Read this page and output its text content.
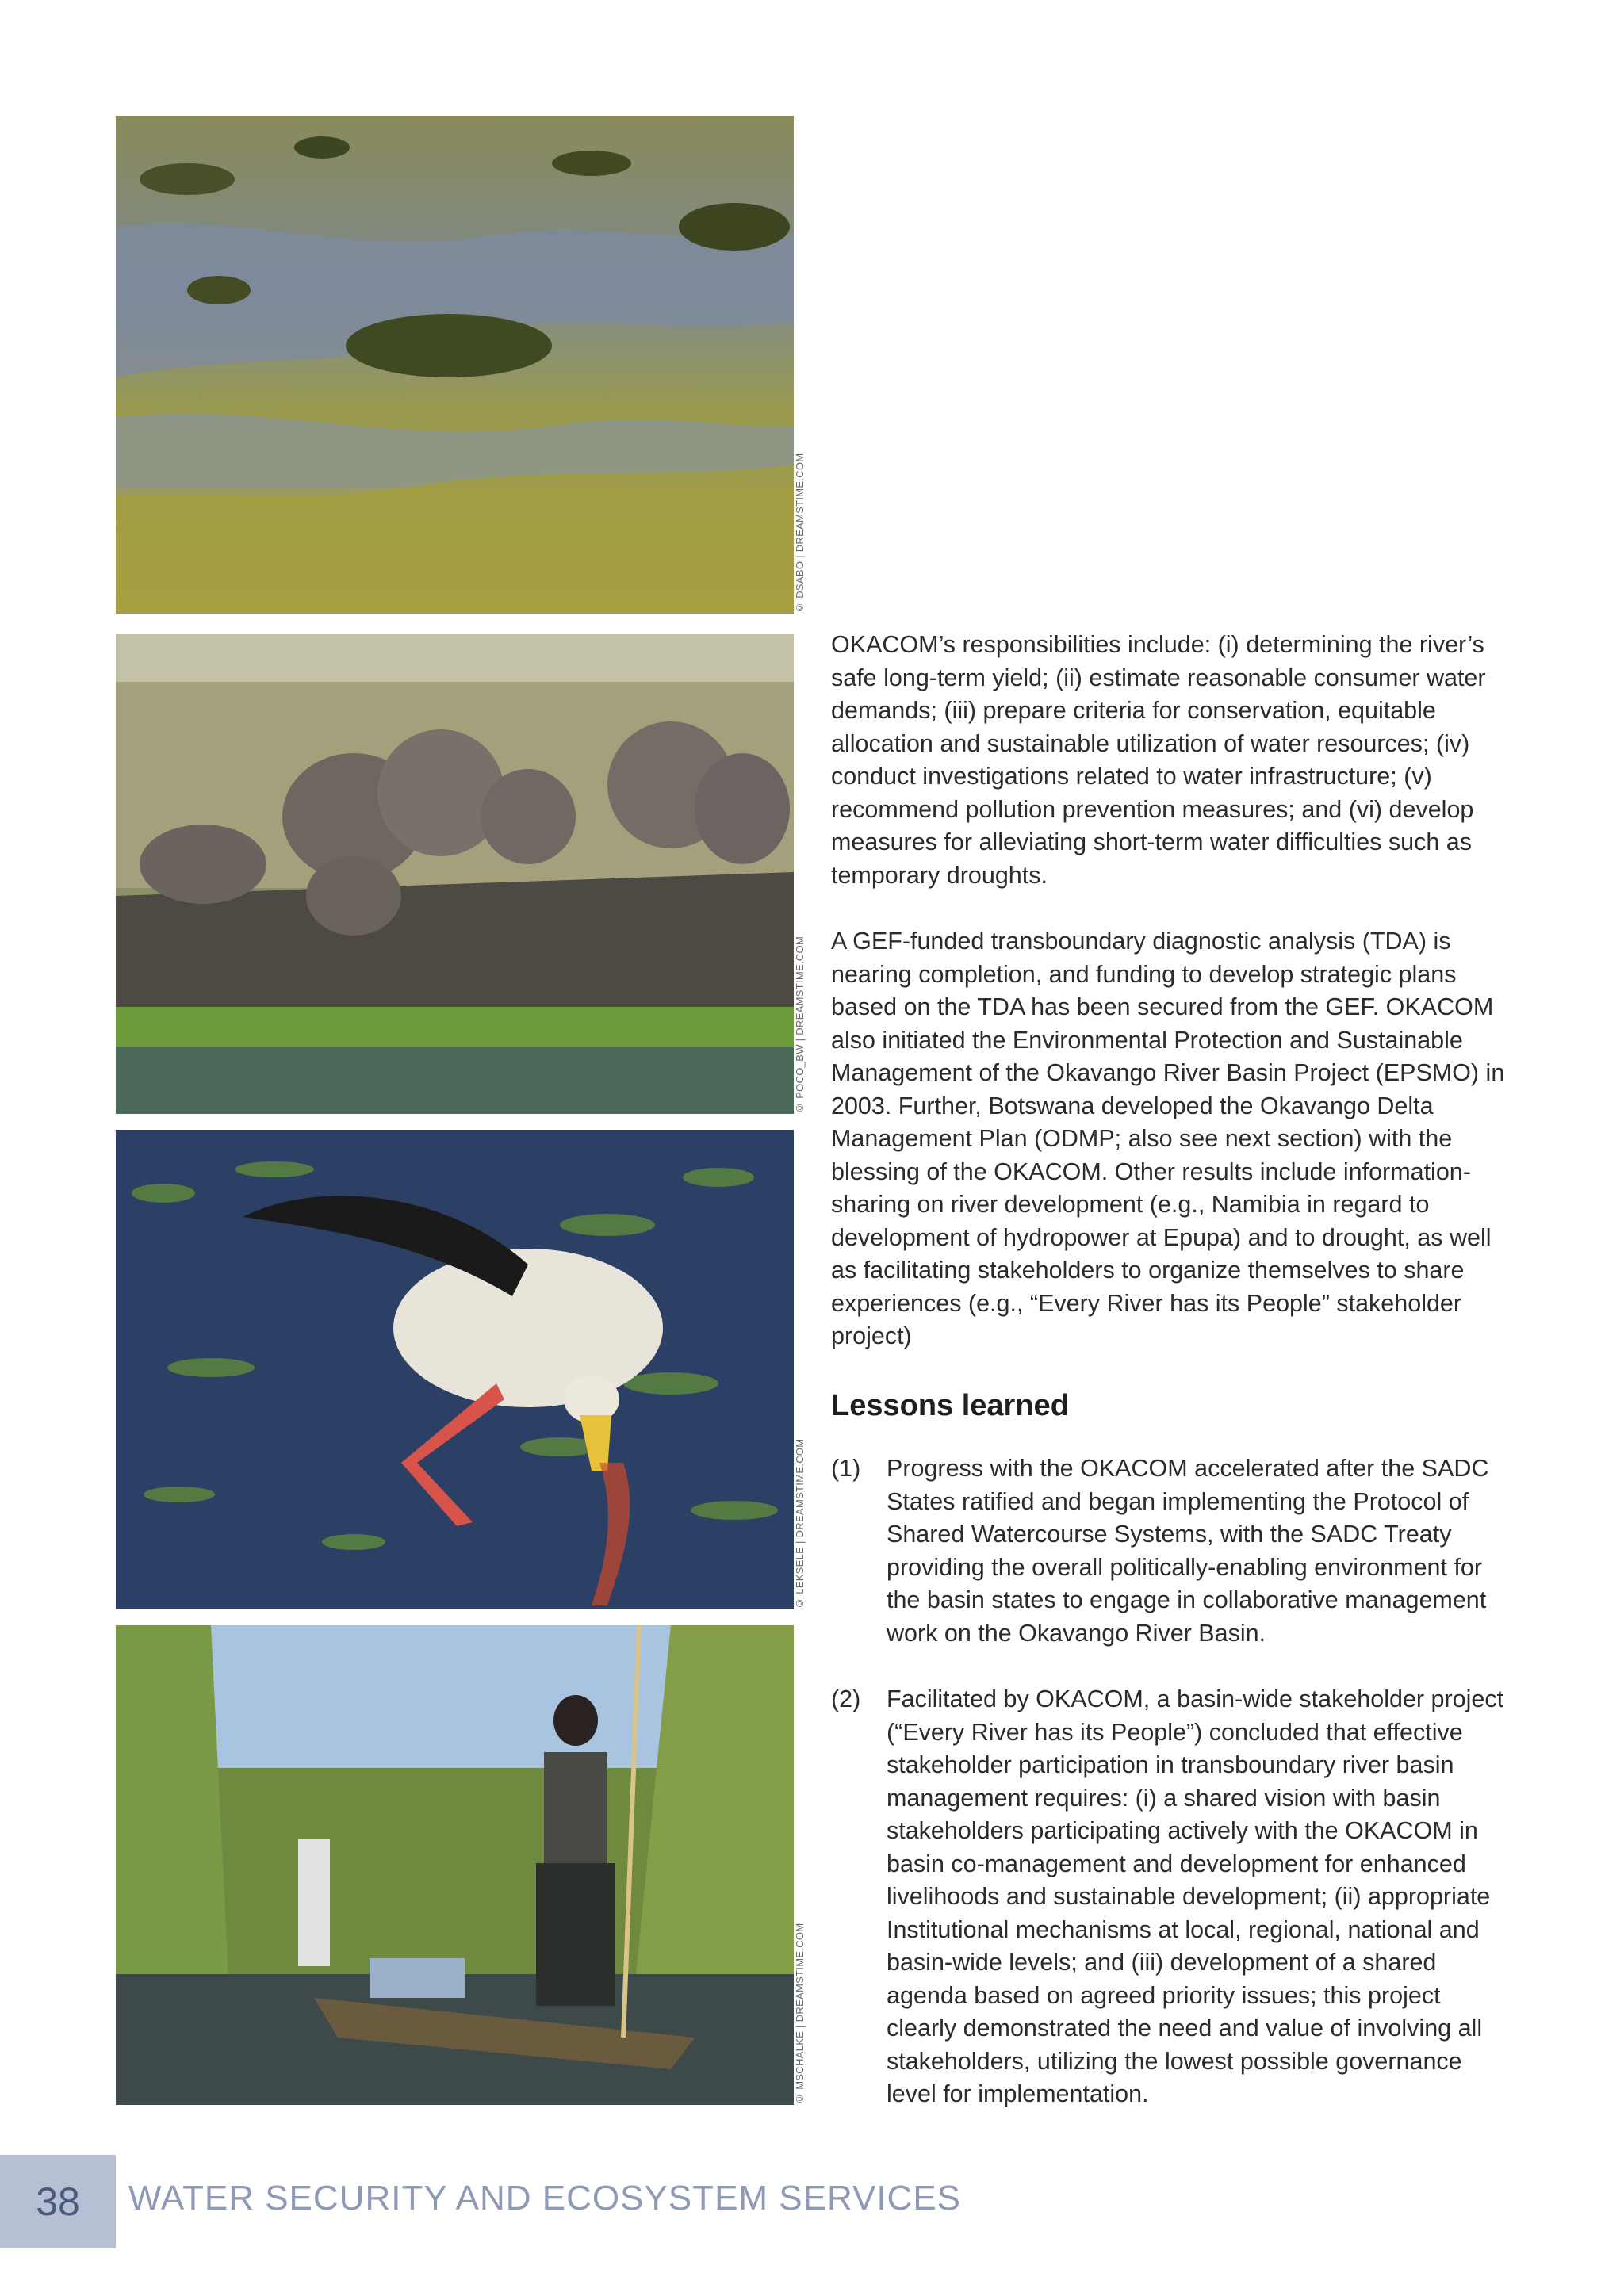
© DSABO | DREAMSTIME.COM
© POCO_BW | DREAMSTIME.COM
© LEKSELE | DREAMSTIME.COM
© MSCHALKE | DREAMSTIME.COM

OKACOM’s responsibilities include: (i) determining the river’s safe long-term yield; (ii) estimate reasonable consumer water demands; (iii) prepare criteria for conservation, equitable allocation and sustainable utilization of water resources; (iv) conduct investigations related to water infrastructure; (v) recommend pollution prevention measures; and (vi) develop measures for alleviating short-term water difficulties such as temporary droughts.

A GEF-funded transboundary diagnostic analysis (TDA) is nearing completion, and funding to develop strategic plans based on the TDA has been secured from the GEF. OKACOM also initiated the Environmental Protection and Sustainable Management of the Okavango River Basin Project (EPSMO) in 2003. Further, Botswana developed the Okavango Delta Management Plan (ODMP; also see next section) with the blessing of the OKACOM. Other results include information-sharing on river development (e.g., Namibia in regard to development of hydropower at Epupa) and to drought, as well as facilitating stakeholders to organize themselves to share experiences (e.g., “Every River has its People” stakeholder project)

Lessons learned
(1) Progress with the OKACOM accelerated after the SADC States ratified and began implementing the Protocol of Shared Watercourse Systems, with the SADC Treaty providing the overall politically-enabling environment for the basin states to engage in collaborative management work on the Okavango River Basin.
(2) Facilitated by OKACOM, a basin-wide stakeholder project (“Every River has its People”) concluded that effective stakeholder participation in transboundary river basin management requires: (i) a shared vision with basin stakeholders participating actively with the OKACOM in basin co-management and development for enhanced livelihoods and sustainable development; (ii) appropriate Institutional mechanisms at local, regional, national and basin-wide levels; and (iii) development of a shared agenda based on agreed priority issues; this project clearly demonstrated the need and value of involving all stakeholders, utilizing the lowest possible governance level for implementation.
38	WATER SECURITY AND ECOSYSTEM SERVICES
